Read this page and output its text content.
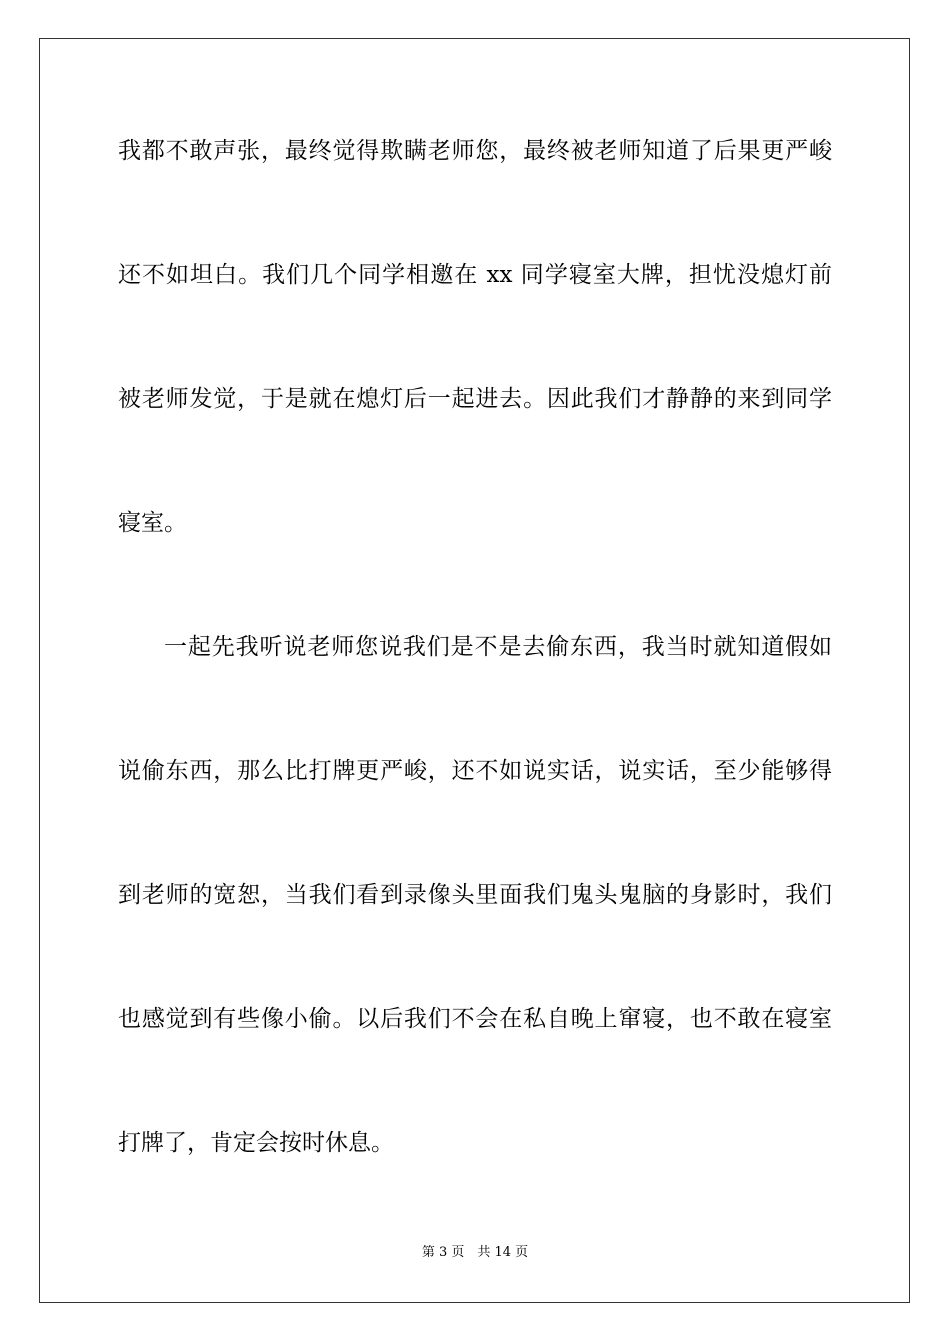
我都不敢声张，最终觉得欺瞒老师您，最终被老师知道了后果更严峻
还不如坦白。我们几个同学相邀在 xx 同学寝室大牌，担忧没熄灯前
被老师发觉，于是就在熄灯后一起进去。因此我们才静静的来到同学
寝室。
一起先我听说老师您说我们是不是去偷东西，我当时就知道假如
说偷东西，那么比打牌更严峻，还不如说实话，说实话，至少能够得
到老师的宽恕，当我们看到录像头里面我们鬼头鬼脑的身影时，我们
也感觉到有些像小偷。以后我们不会在私自晚上窜寝，也不敢在寝室
打牌了，肯定会按时休息。
第 3 页　共 14 页
